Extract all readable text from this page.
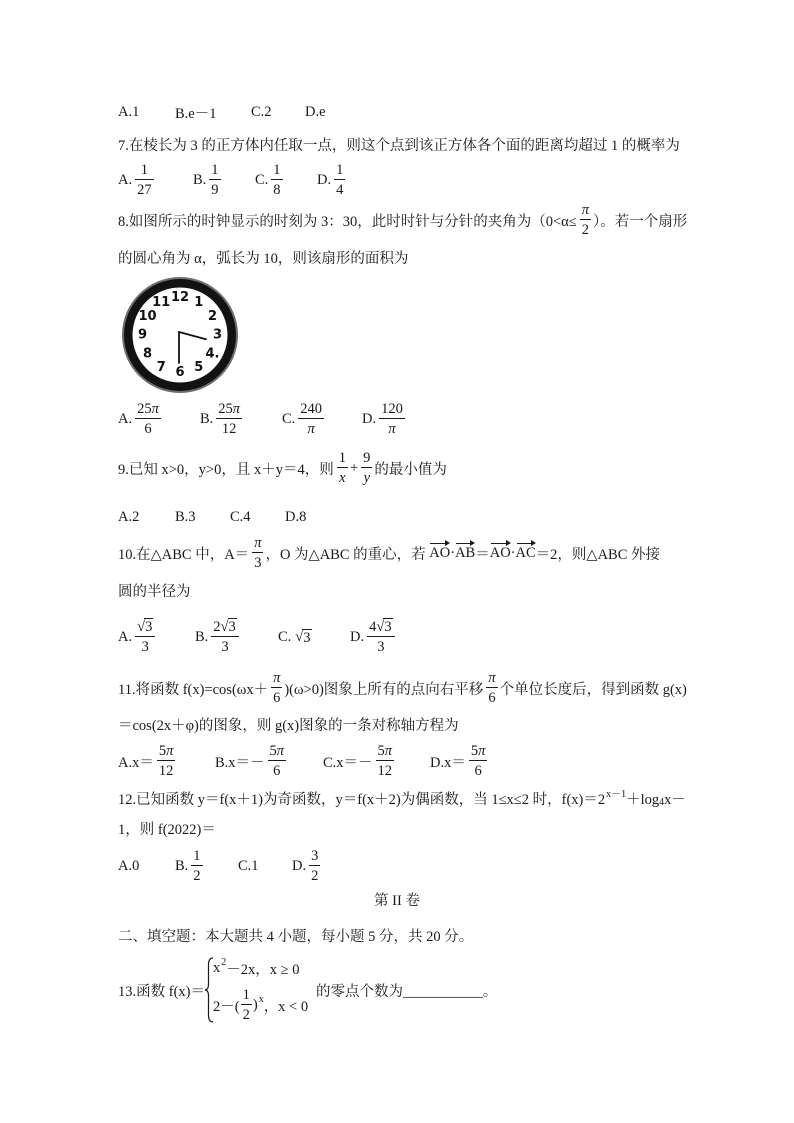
A.1 B.e－1 C.2 D.e
7.在棱长为 3 的正方体内任取一点，则这个点到该正方体各个面的距离均超过 1 的概率为
A. $\frac{1}{27}$	B. $\frac{1}{9} C$. $\frac{1}{8} D$. $\frac{1}{4}$
8.如图所示的时钟显示的时刻为 3：30，此时时针与分针的夹角为（$0<\alpha\le \frac{\pi}{2}$ ）。若一个扇形
的圆心角为 α，弧长为 10，则该扇形的面积为
1
2
3
4.
5
6
7
8
9
10
11 12
A. $\frac{25\pi}{6}$	B. $\frac{25\pi}{12}$	C. $\frac{240}{\pi}$	D. $\frac{120}{\pi}$
9.已知 x>0，y>0，且 x＋y＝4，则 $\frac{1}{x} + \frac{9}{y}$ 的最小值为
A.2 B.3 C.4 D.8
10.在△ABC 中，$A= \frac{\pi}{3}$ ，O 为△ABC 的重心，若 AO · AB ＝ AO · AC ＝2，则△ABC 外接
圆的半径为
A. $\frac{√3}{3}$	B. $\frac{2√3}{3}$	C. √ 3	D. $\frac{4√3}{3}$
11.将函数 $f(x)=\cos(\omega x+ \frac{\pi}{6} )(\omega>0)$图象上所有的点向右平移 $\frac{\pi}{6}$ 个单位长度后，得到函数 g(x)
＝cos(2x＋φ)的图象，则 g(x)图象的一条对称轴方程为
$A.x= \frac{5\pi}{12}$	$B.x=- \frac{5\pi}{6}$	$C.x=- \frac{5\pi}{12} D.x= \frac{5\pi}{6}$
12.已知函数 y＝f(x＋1)为奇函数，y＝f(x＋2)为偶函数，当 1≤x≤2 时，f(x)＝2 x－1 ＋log 4 x－
1，则 f(2022)＝
A.0 B. $\frac{1}{2} C.1$ D. $\frac{3}{2}$
第 II 卷
二、填空题：本大题共 4 小题，每小题 5 分，共 20 分。
13.函数 f(x)＝
x 2 －2x，x ≥ 0
$2-( \frac{1}{2}$ ) x ，x < 0
的零点个数为___________。
